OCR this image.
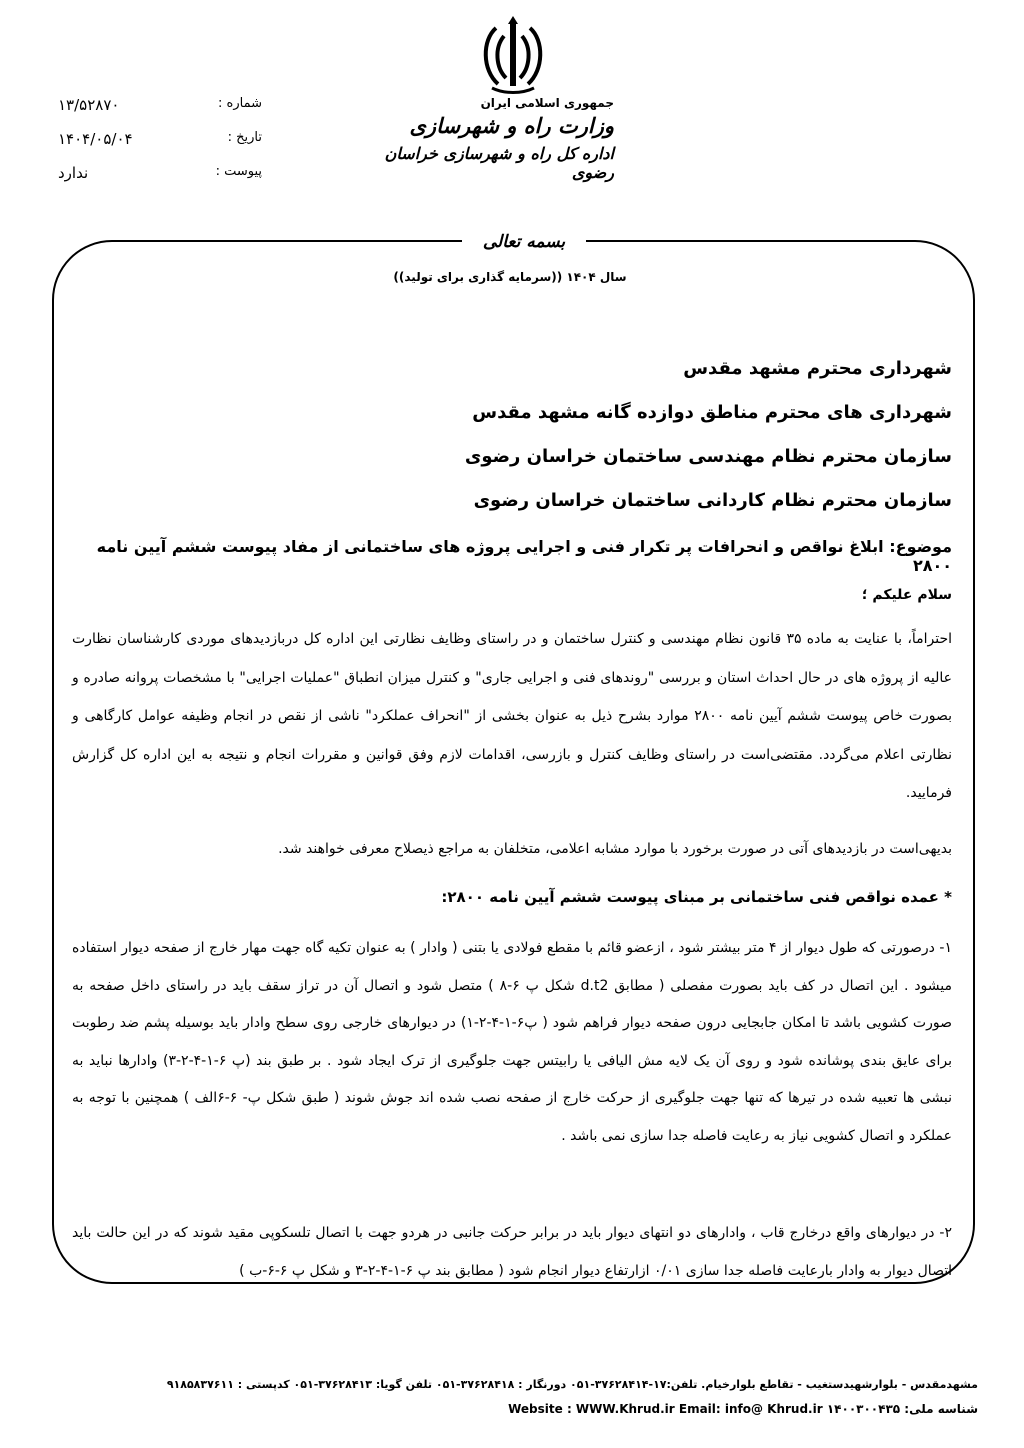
جمهوری اسلامی ایران

وزارت راه و شهرسازی

اداره کل راه و شهرسازی خراسان رضوی

شماره :
۱۳/۵۲۸۷۰
تاریخ :
۱۴۰۴/۰۵/۰۴
پیوست :
ندارد
بسمه تعالی
سال ۱۴۰۴ ((سرمایه گذاری برای تولید))
شهرداری محترم مشهد مقدس
شهرداری های محترم مناطق دوازده گانه مشهد مقدس
سازمان محترم نظام مهندسی ساختمان خراسان رضوی
سازمان محترم نظام کاردانی ساختمان خراسان رضوی
موضوع: ابلاغ نواقص و انحرافات پر تکرار فنی و اجرایی پروژه های ساختمانی از مفاد پیوست ششم آیین نامه ۲۸۰۰
سلام علیکم ؛
احتراماً، با عنایت به ماده ۳۵ قانون نظام مهندسی و کنترل ساختمان و در راستای وظایف نظارتی این اداره کل دربازدیدهای موردی کارشناسان نظارت عالیه از پروژه های در حال احداث استان و بررسی "روندهای فنی و اجرایی جاری" و کنترل میزان انطباق "عملیات اجرایی" با مشخصات پروانه صادره و بصورت خاص پیوست ششم آیین نامه ۲۸۰۰ موارد بشرح ذیل به عنوان بخشی از "انحراف عملکرد" ناشی از نقص در انجام وظیفه عوامل کارگاهی و نظارتی اعلام می‌گردد. مقتضی‌است در راستای وظایف کنترل و بازرسی، اقدامات لازم وفق قوانین و مقررات انجام و نتیجه به این اداره کل گزارش فرمایید.
بدیهی‌است در بازدیدهای آتی در صورت برخورد با موارد مشابه اعلامی، متخلفان به مراجع ذیصلاح معرفی خواهند شد.
* عمده نواقص فنی ساختمانی بر مبنای پیوست ششم آیین نامه ۲۸۰۰:
۱- درصورتی که طول دیوار از ۴ متر بیشتر شود ، ازعضو قائم با مقطع فولادی یا بتنی ( وادار ) به عنوان تکیه گاه جهت مهار خارج از صفحه دیوار استفاده میشود . این اتصال در کف باید بصورت مفصلی ( مطابق d.t2 شکل پ ۶-۸ ) متصل شود و اتصال آن در تراز سقف باید در راستای داخل صفحه به صورت کشویی باشد تا امکان جابجایی درون صفحه دیوار فراهم شود ( پ۶-۱-۴-۲-۱) در دیوارهای خارجی روی سطح وادار باید بوسیله پشم ضد رطوبت برای عایق بندی پوشانده شود و روی آن یک لایه مش الیافی یا رابیتس جهت جلوگیری از ترک ایجاد شود . بر طبق بند (پ ۶-۱-۴-۲-۳) وادارها نباید به نبشی ها تعبیه شده در تیرها که تنها جهت جلوگیری از حرکت خارج از صفحه نصب شده اند جوش شوند ( طبق شکل پ- ۶-۶الف ) همچنین با توجه به عملکرد و اتصال کشویی نیاز به رعایت فاصله جدا سازی نمی باشد .
۲- در دیوارهای واقع درخارج قاب ، وادارهای دو انتهای دیوار باید در برابر حرکت جانبی در هردو جهت با اتصال تلسکوپی مقید شوند که در این حالت باید اتصال دیوار به وادار بارعایت فاصله جدا سازی ۰/۰۱ ازارتفاع دیوار انجام شود ( مطابق بند پ ۶-۱-۴-۲-۳ و شکل پ ۶-۶-ب )
مشهدمقدس - بلوارشهیدستغیب - تقاطع بلوارخیام. تلفن:۱۷-۳۷۶۲۸۴۱۴-۰۵۱ دورنگار : ۳۷۶۲۸۴۱۸-۰۵۱ تلفن گویا: ۳۷۶۲۸۴۱۳-۰۵۱ کدپستی : ۹۱۸۵۸۳۷۶۱۱
شناسه ملی: ۱۴۰۰۳۰۰۴۳۵ Website : WWW.Khrud.ir Email: info@ Khrud.ir
